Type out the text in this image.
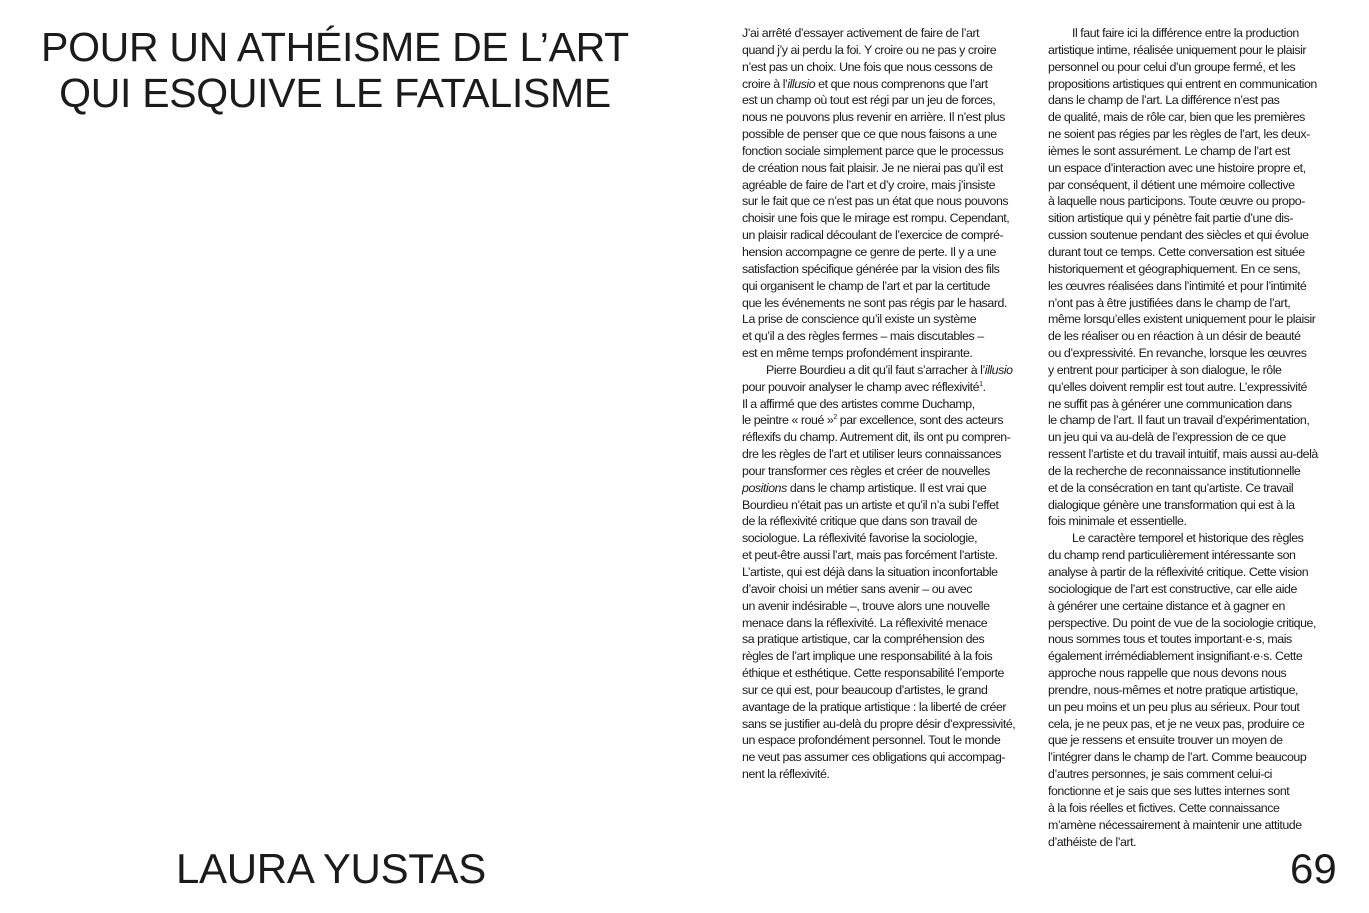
POUR UN ATHÉISME DE L’ART
QUI ESQUIVE LE FATALISME
J’ai arrêté d’essayer activement de faire de l’art
quand j’y ai perdu la foi. Y croire ou ne pas y croire
n’est pas un choix. Une fois que nous cessons de
croire à l’illusio et que nous comprenons que l’art
est un champ où tout est régi par un jeu de forces,
nous ne pouvons plus revenir en arrière. Il n’est plus
possible de penser que ce que nous faisons a une
fonction sociale simplement parce que le processus
de création nous fait plaisir. Je ne nierai pas qu’il est
agréable de faire de l’art et d’y croire, mais j’insiste
sur le fait que ce n’est pas un état que nous pouvons
choisir une fois que le mirage est rompu. Cependant,
un plaisir radical découlant de l’exercice de compré-
hension accompagne ce genre de perte. Il y a une
satisfaction spécifique générée par la vision des fils
qui organisent le champ de l’art et par la certitude
que les événements ne sont pas régis par le hasard.
La prise de conscience qu’il existe un système
et qu’il a des règles fermes – mais discutables –
est en même temps profondément inspirante.
Pierre Bourdieu a dit qu’il faut s’arracher à l’illusio
pour pouvoir analyser le champ avec réflexivité$^1$.
Il a affirmé que des artistes comme Duchamp,
le peintre « roué »$^2$ par excellence, sont des acteurs
réflexifs du champ. Autrement dit, ils ont pu compren-
dre les règles de l’art et utiliser leurs connaissances
pour transformer ces règles et créer de nouvelles
positions dans le champ artistique. Il est vrai que
Bourdieu n’était pas un artiste et qu’il n’a subi l’effet
de la réflexivité critique que dans son travail de
sociologue. La réflexivité favorise la sociologie,
et peut-être aussi l’art, mais pas forcément l’artiste.
L’artiste, qui est déjà dans la situation inconfortable
d’avoir choisi un métier sans avenir – ou avec
un avenir indésirable –, trouve alors une nouvelle
menace dans la réflexivité. La réflexivité menace
sa pratique artistique, car la compréhension des
règles de l’art implique une responsabilité à la fois
éthique et esthétique. Cette responsabilité l’emporte
sur ce qui est, pour beaucoup d’artistes, le grand
avantage de la pratique artistique : la liberté de créer
sans se justifier au-delà du propre désir d’expressivité,
un espace profondément personnel. Tout le monde
ne veut pas assumer ces obligations qui accompag-
nent la réflexivité.
Il faut faire ici la différence entre la production
artistique intime, réalisée uniquement pour le plaisir
personnel ou pour celui d’un groupe fermé, et les
propositions artistiques qui entrent en communication
dans le champ de l’art. La différence n’est pas
de qualité, mais de rôle car, bien que les premières
ne soient pas régies par les règles de l’art, les deux-
ièmes le sont assurément. Le champ de l’art est
un espace d’interaction avec une histoire propre et,
par conséquent, il détient une mémoire collective
à laquelle nous participons. Toute œuvre ou propo-
sition artistique qui y pénètre fait partie d’une dis-
cussion soutenue pendant des siècles et qui évolue
durant tout ce temps. Cette conversation est située
historiquement et géographiquement. En ce sens,
les œuvres réalisées dans l’intimité et pour l’intimité
n’ont pas à être justifiées dans le champ de l’art,
même lorsqu’elles existent uniquement pour le plaisir
de les réaliser ou en réaction à un désir de beauté
ou d’expressivité. En revanche, lorsque les œuvres
y entrent pour participer à son dialogue, le rôle
qu’elles doivent remplir est tout autre. L’expressivité
ne suffit pas à générer une communication dans
le champ de l’art. Il faut un travail d’expérimentation,
un jeu qui va au-delà de l’expression de ce que
ressent l’artiste et du travail intuitif, mais aussi au-delà
de la recherche de reconnaissance institutionnelle
et de la consécration en tant qu’artiste. Ce travail
dialogique génère une transformation qui est à la
fois minimale et essentielle.
Le caractère temporel et historique des règles
du champ rend particulièrement intéressante son
analyse à partir de la réflexivité critique. Cette vision
sociologique de l’art est constructive, car elle aide
à générer une certaine distance et à gagner en
perspective. Du point de vue de la sociologie critique,
nous sommes tous et toutes important·e·s, mais
également irrémédiablement insignifiant·e·s. Cette
approche nous rappelle que nous devons nous
prendre, nous-mêmes et notre pratique artistique,
un peu moins et un peu plus au sérieux. Pour tout
cela, je ne peux pas, et je ne veux pas, produire ce
que je ressens et ensuite trouver un moyen de
l’intégrer dans le champ de l’art. Comme beaucoup
d’autres personnes, je sais comment celui-ci
fonctionne et je sais que ses luttes internes sont
à la fois réelles et fictives. Cette connaissance
m’amène nécessairement à maintenir une attitude
d’athéiste de l’art.
LAURA YUSTAS	69
